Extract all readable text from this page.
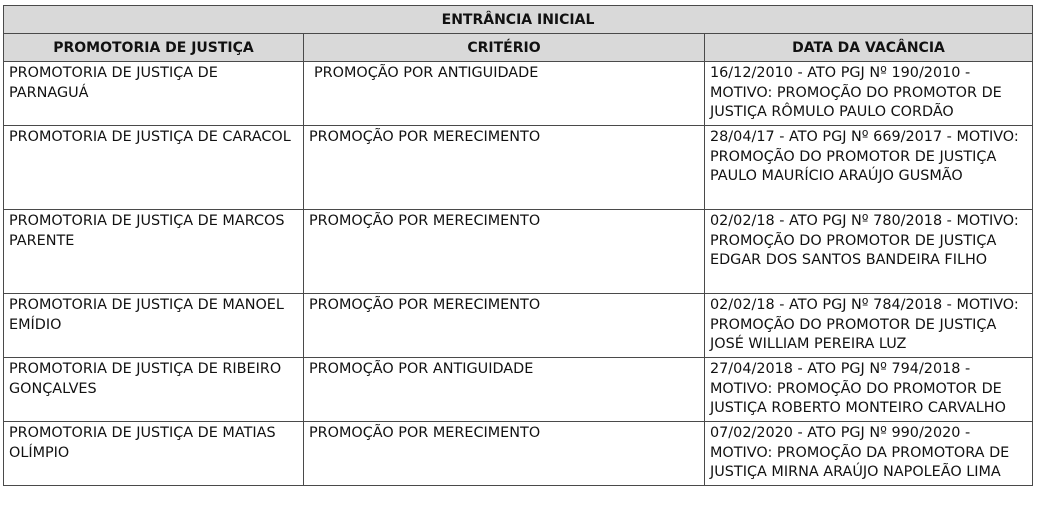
ENTRÂNCIA INICIAL		
PROMOTORIA DE JUSTIÇA	CRITÉRIO	DATA DA VACÂNCIA
PROMOTORIA DE JUSTIÇA DE PARNAGUÁ	PROMOÇÃO POR ANTIGUIDADE	16/12/2010 - ATO PGJ Nº 190/2010 - MOTIVO: PROMOÇÃO DO PROMOTOR DE JUSTIÇA RÔMULO PAULO CORDÃO
PROMOTORIA DE JUSTIÇA DE CARACOL	PROMOÇÃO POR MERECIMENTO	28/04/17 - ATO PGJ Nº 669/2017 - MOTIVO: PROMOÇÃO DO PROMOTOR DE JUSTIÇA PAULO MAURÍCIO ARAÚJO GUSMÃO
PROMOTORIA DE JUSTIÇA DE MARCOS PARENTE	PROMOÇÃO POR MERECIMENTO	02/02/18 - ATO PGJ Nº 780/2018 - MOTIVO: PROMOÇÃO DO PROMOTOR DE JUSTIÇA EDGAR DOS SANTOS BANDEIRA FILHO
PROMOTORIA DE JUSTIÇA DE MANOEL EMÍDIO	PROMOÇÃO POR MERECIMENTO	02/02/18 - ATO PGJ Nº 784/2018 - MOTIVO: PROMOÇÃO DO PROMOTOR DE JUSTIÇA JOSÉ WILLIAM PEREIRA LUZ
PROMOTORIA DE JUSTIÇA DE RIBEIRO GONÇALVES	PROMOÇÃO POR ANTIGUIDADE	27/04/2018 - ATO PGJ Nº 794/2018 - MOTIVO: PROMOÇÃO DO PROMOTOR DE JUSTIÇA ROBERTO MONTEIRO CARVALHO
PROMOTORIA DE JUSTIÇA DE MATIAS OLÍMPIO	PROMOÇÃO POR MERECIMENTO	07/02/2020 - ATO PGJ Nº 990/2020 - MOTIVO: PROMOÇÃO DA PROMOTORA DE JUSTIÇA MIRNA ARAÚJO NAPOLEÃO LIMA
